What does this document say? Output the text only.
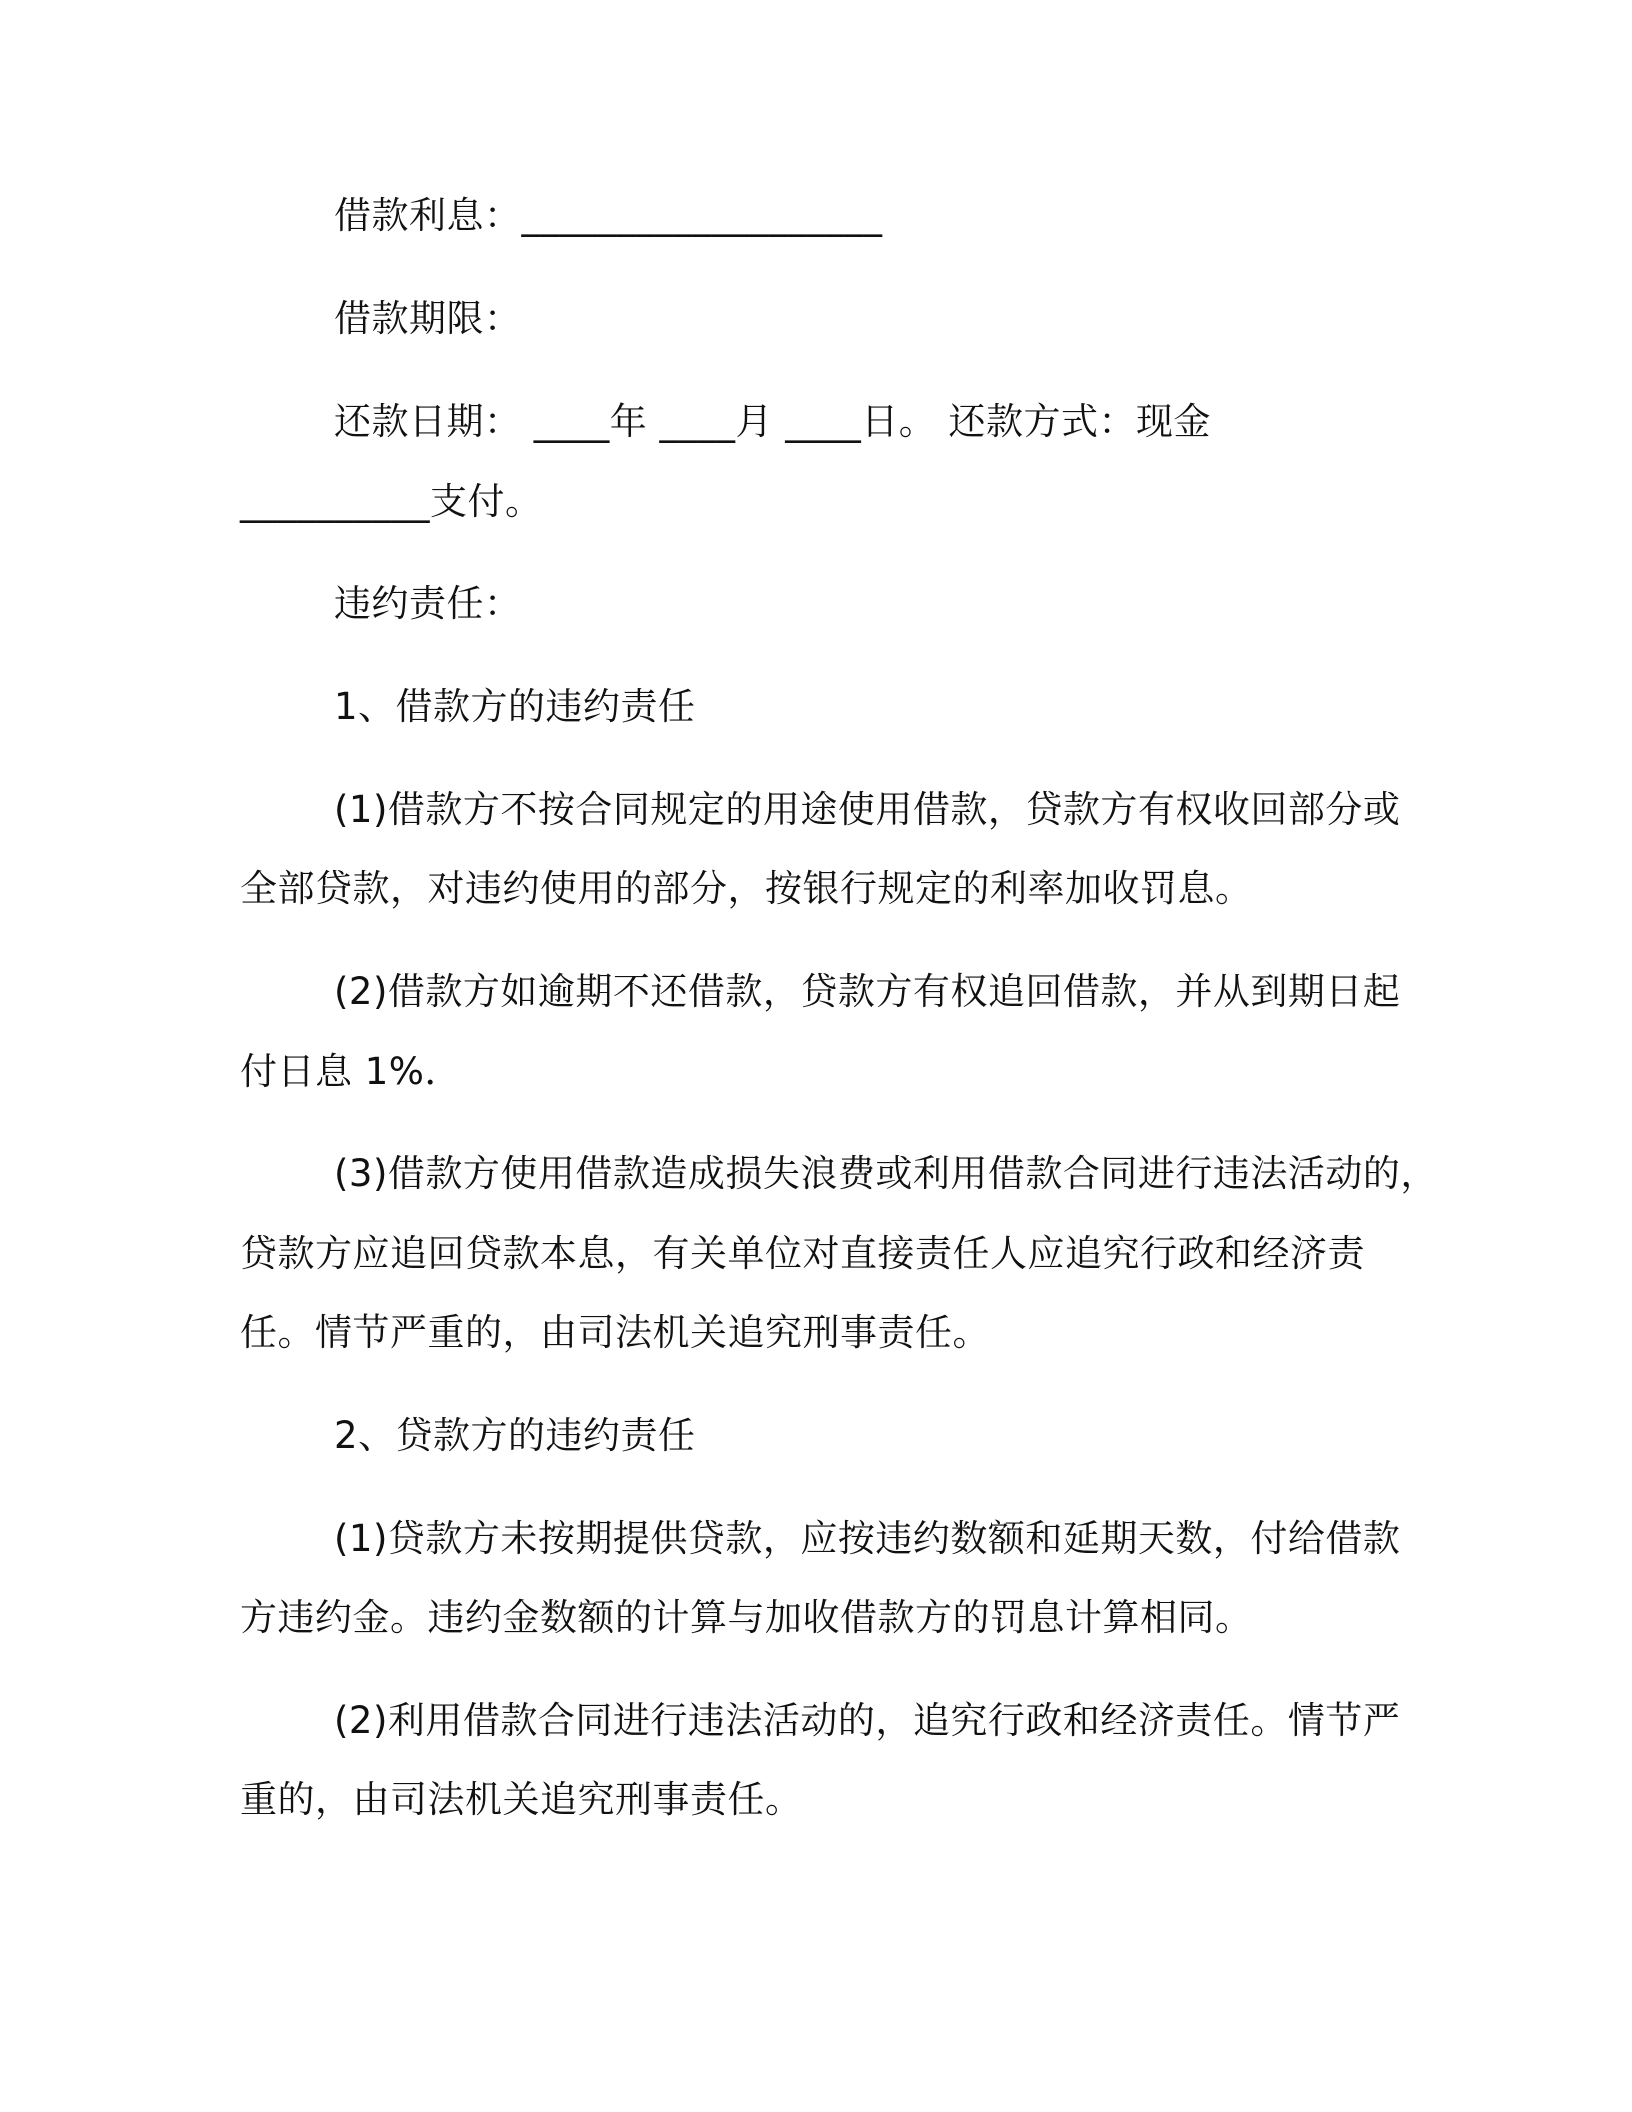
借款利息：___________________
借款期限：
还款日期： ____年 ____月 ____日。 还款方式：现金
__________支付。
违约责任：
1、借款方的违约责任
(1)借款方不按合同规定的用途使用借款，贷款方有权收回部分或
全部贷款，对违约使用的部分，按银行规定的利率加收罚息。
(2)借款方如逾期不还借款，贷款方有权追回借款，并从到期日起
付日息 1%．
(3)借款方使用借款造成损失浪费或利用借款合同进行违法活动的，
贷款方应追回贷款本息，有关单位对直接责任人应追究行政和经济责
任。情节严重的，由司法机关追究刑事责任。
2、贷款方的违约责任
(1)贷款方未按期提供贷款，应按违约数额和延期天数，付给借款
方违约金。违约金数额的计算与加收借款方的罚息计算相同。
(2)利用借款合同进行违法活动的，追究行政和经济责任。情节严
重的，由司法机关追究刑事责任。
